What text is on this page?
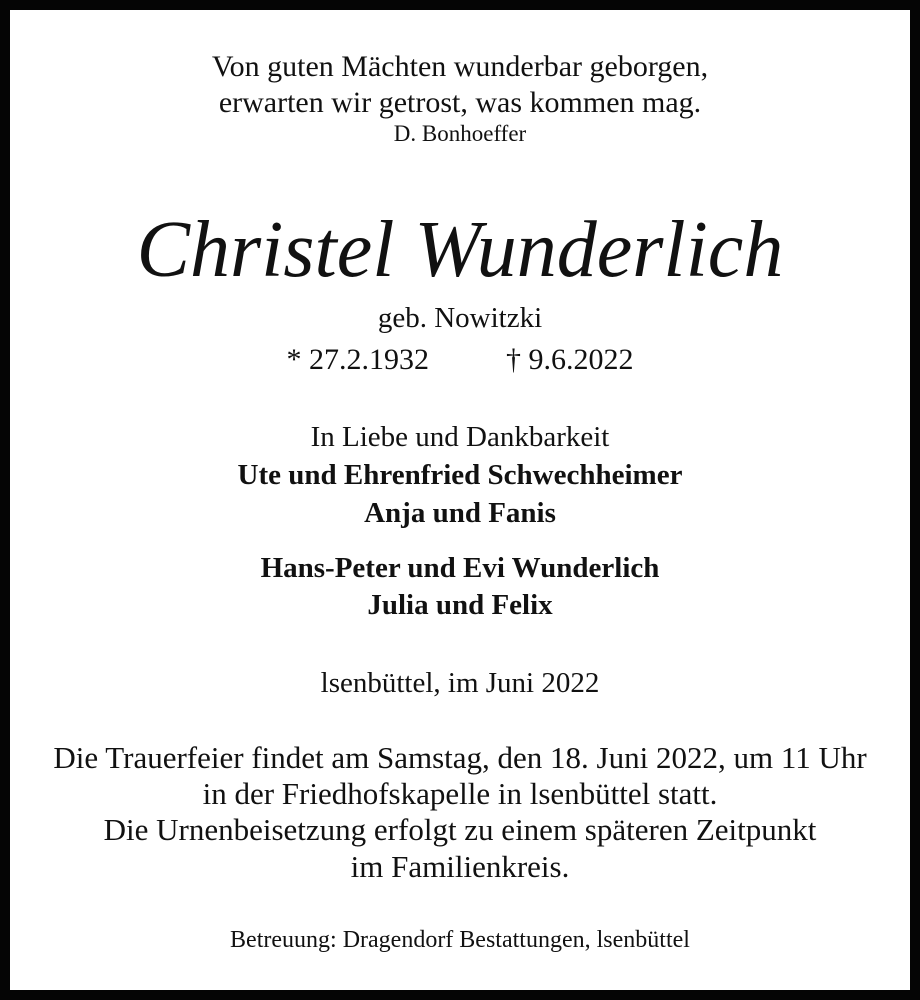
Von guten Mächten wunderbar geborgen,
erwarten wir getrost, was kommen mag.
D. Bonhoeffer
Christel Wunderlich
geb. Nowitzki
* 27.2.1932	† 9.6.2022
In Liebe und Dankbarkeit
Ute und Ehrenfried Schwechheimer
Anja und Fanis
Hans-Peter und Evi Wunderlich
Julia und Felix
lsenbüttel, im Juni 2022
Die Trauerfeier findet am Samstag, den 18. Juni 2022, um 11 Uhr
in der Friedhofskapelle in lsenbüttel statt.
Die Urnenbeisetzung erfolgt zu einem späteren Zeitpunkt
im Familienkreis.
Betreuung: Dragendorf Bestattungen, lsenbüttel
